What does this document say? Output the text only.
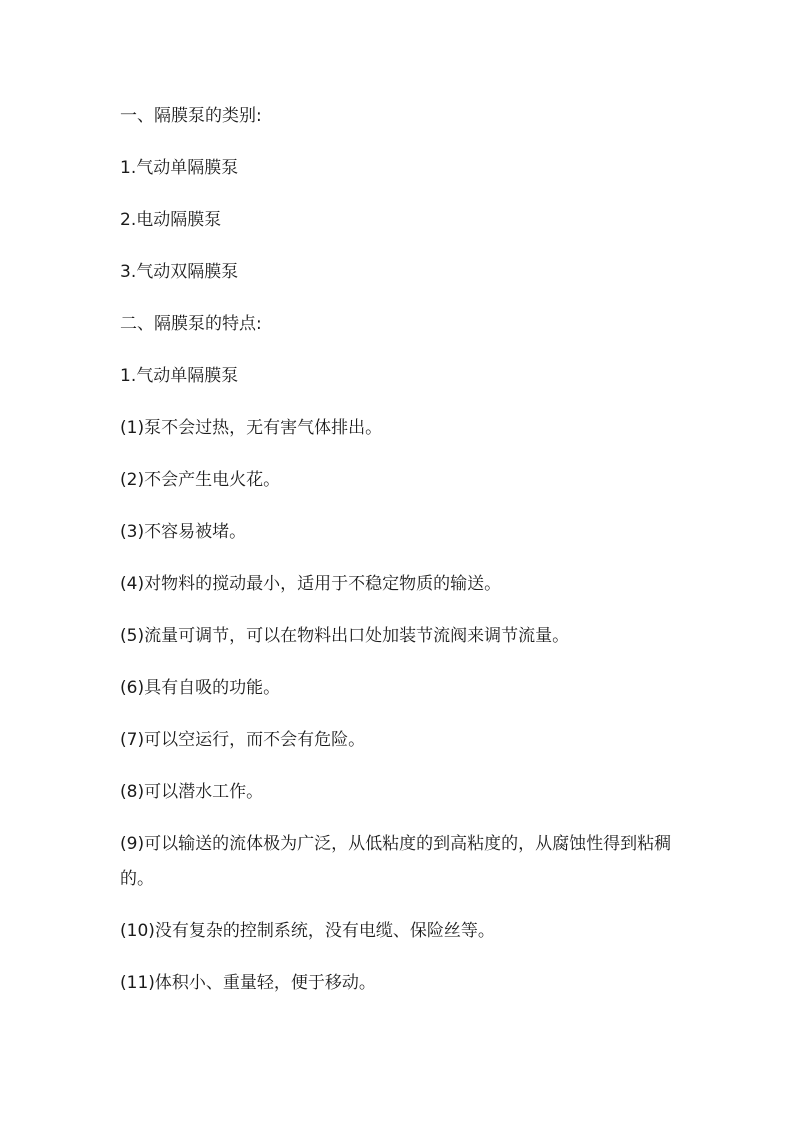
一、隔膜泵的类别:

1.气动单隔膜泵

2.电动隔膜泵

3.气动双隔膜泵

二、隔膜泵的特点:

1.气动单隔膜泵

(1)泵不会过热，无有害气体排出。

(2)不会产生电火花。

(3)不容易被堵。

(4)对物料的搅动最小，适用于不稳定物质的输送。

(5)流量可调节，可以在物料出口处加装节流阀来调节流量。

(6)具有自吸的功能。

(7)可以空运行，而不会有危险。

(8)可以潜水工作。

(9)可以输送的流体极为广泛，从低粘度的到高粘度的，从腐蚀性得到粘稠的。

(10)没有复杂的控制系统，没有电缆、保险丝等。

(11)体积小、重量轻，便于移动。
